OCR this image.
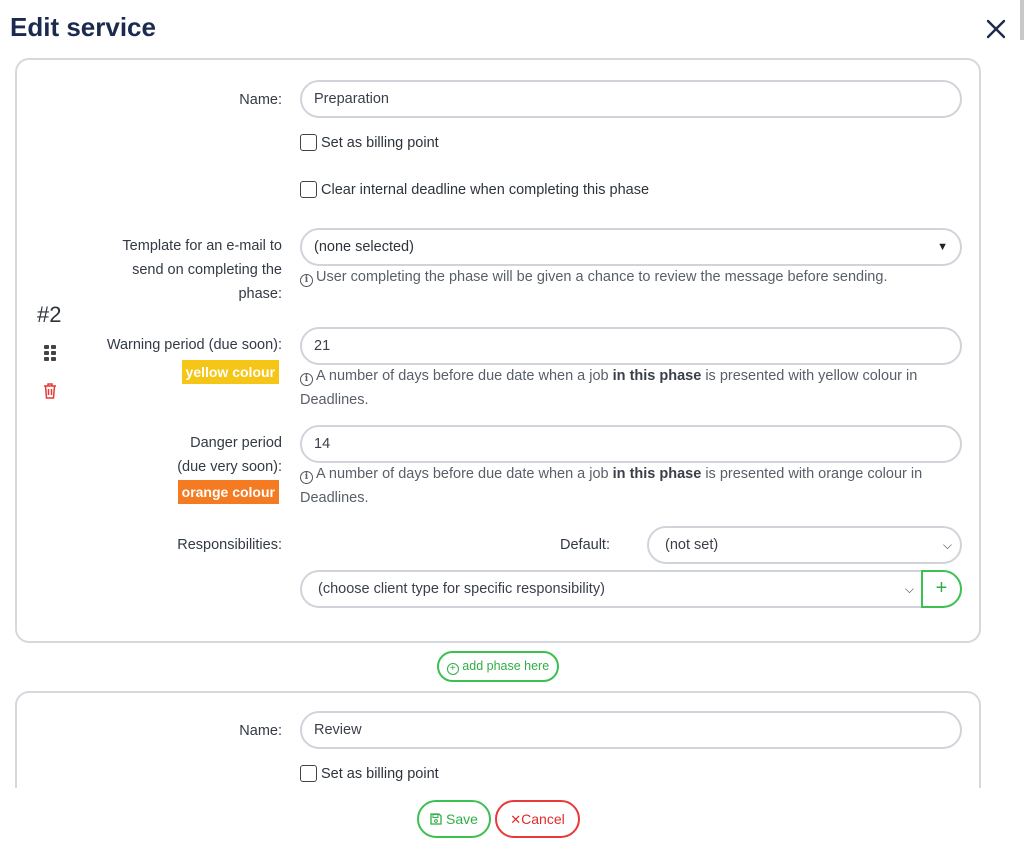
Edit service
#2
Name:	Preparation
Set as billing point
Clear internal deadline when completing this phase
Template for an e-mail to
send on completing the
phase:
(none selected)	▼
i User completing the phase will be given a chance to review the message before sending.
Warning period (due soon):
yellow colour
21
i A number of days before due date when a job in this phase is presented with yellow colour in
Deadlines.
Danger period
(due very soon):
orange colour
14
i A number of days before due date when a job in this phase is presented with orange colour in
Deadlines.
Responsibilities:	Default:	(not set)	⌵
(choose client type for specific responsibility)	⌵	+
+ add phase here
Name:	Review
Set as billing point
Save	✕Cancel
